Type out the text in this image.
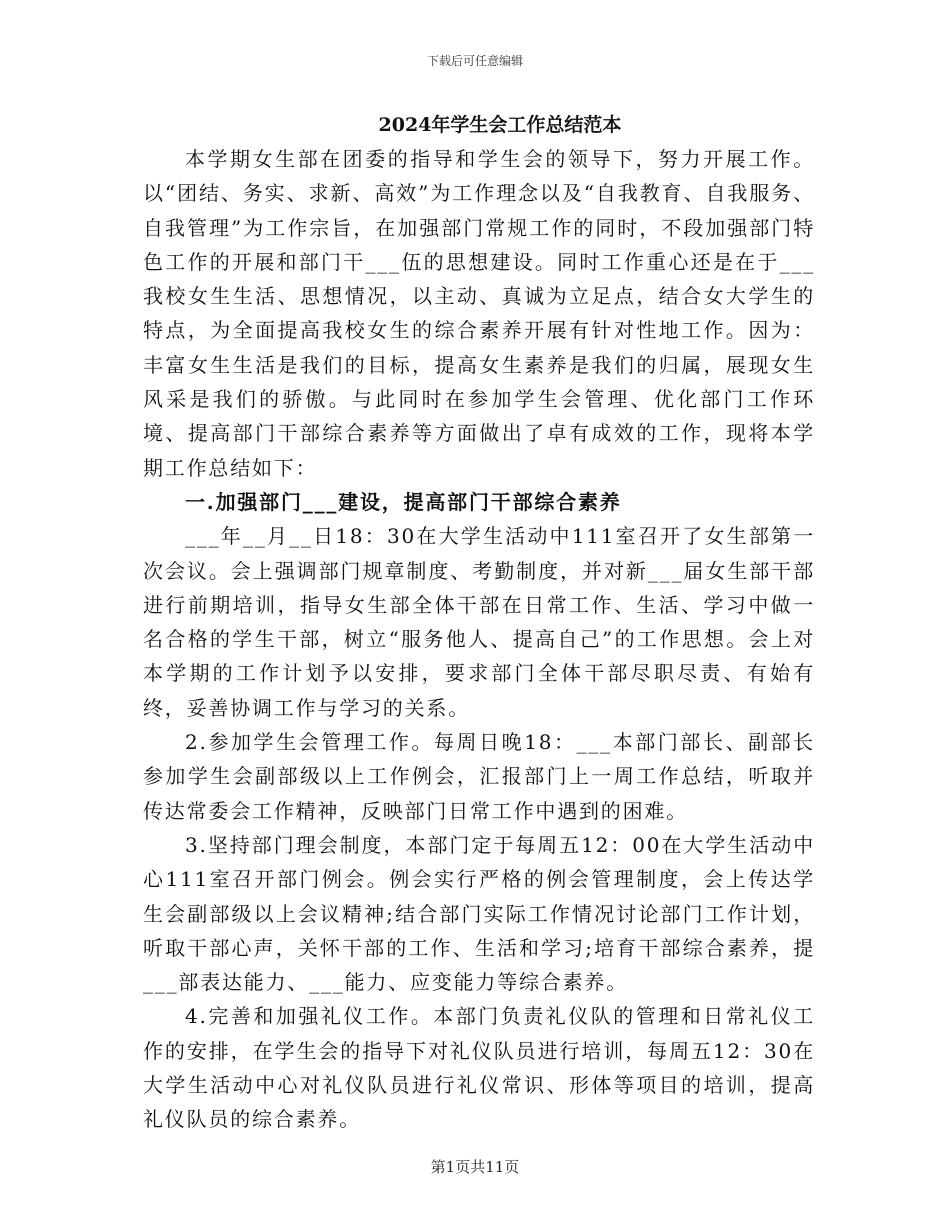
下载后可任意编辑
2024年学生会工作总结范本

本学期女生部在团委的指导和学生会的领导下，努力开展工作。以“团结、务实、求新、高效”为工作理念以及“自我教育、自我服务、自我管理”为工作宗旨，在加强部门常规工作的同时，不段加强部门特色工作的开展和部门干___伍的思想建设。同时工作重心还是在于___我校女生生活、思想情况，以主动、真诚为立足点，结合女大学生的特点，为全面提高我校女生的综合素养开展有针对性地工作。因为：丰富女生生活是我们的目标，提高女生素养是我们的归属，展现女生风采是我们的骄傲。与此同时在参加学生会管理、优化部门工作环境、提高部门干部综合素养等方面做出了卓有成效的工作，现将本学期工作总结如下：

一.加强部门___建设，提高部门干部综合素养

___年__月__日18：30在大学生活动中111室召开了女生部第一次会议。会上强调部门规章制度、考勤制度，并对新___届女生部干部进行前期培训，指导女生部全体干部在日常工作、生活、学习中做一名合格的学生干部，树立“服务他人、提高自己”的工作思想。会上对本学期的工作计划予以安排，要求部门全体干部尽职尽责、有始有终，妥善协调工作与学习的关系。

2.参加学生会管理工作。每周日晚18：___本部门部长、副部长参加学生会副部级以上工作例会，汇报部门上一周工作总结，听取并传达常委会工作精神，反映部门日常工作中遇到的困难。

3.坚持部门理会制度，本部门定于每周五12：00在大学生活动中心111室召开部门例会。例会实行严格的例会管理制度，会上传达学生会副部级以上会议精神;结合部门实际工作情况讨论部门工作计划，听取干部心声，关怀干部的工作、生活和学习;培育干部综合素养，提___部表达能力、___能力、应变能力等综合素养。

4.完善和加强礼仪工作。本部门负责礼仪队的管理和日常礼仪工作的安排，在学生会的指导下对礼仪队员进行培训，每周五12：30在大学生活动中心对礼仪队员进行礼仪常识、形体等项目的培训，提高礼仪队员的综合素养。

第1页共11页
